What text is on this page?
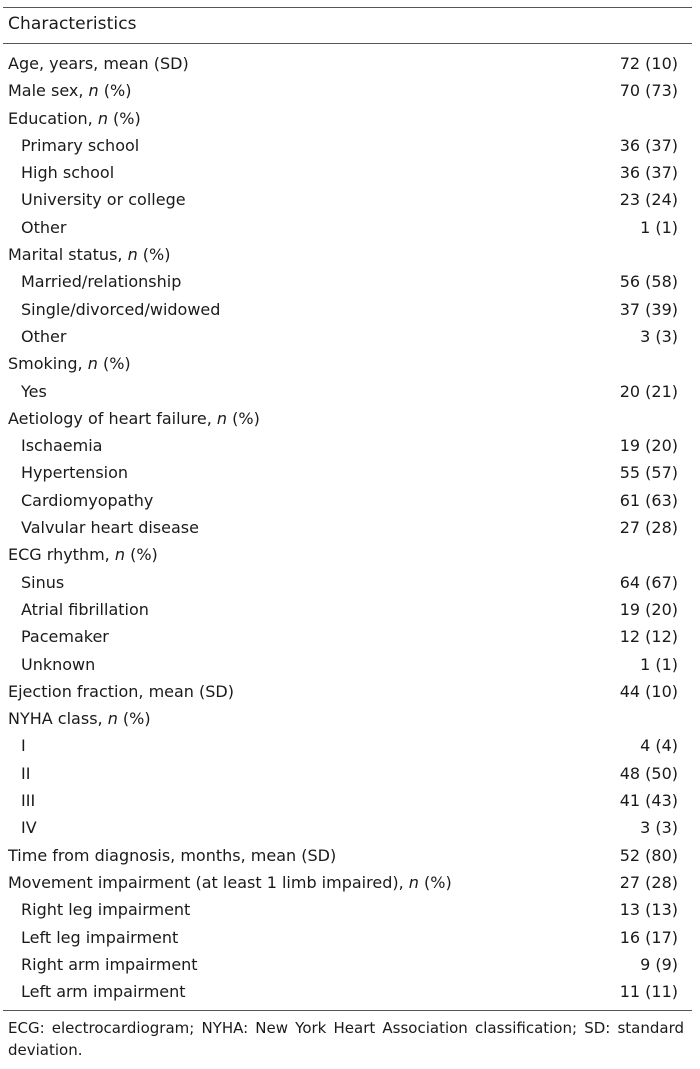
Characteristics
Age, years, mean (SD)	72 (10)
Male sex, n (%)	70 (73)
Education, n (%)
Primary school	36 (37)
High school	36 (37)
University or college	23 (24)
Other	1 (1)
Marital status, n (%)
Married/relationship	56 (58)
Single/divorced/widowed	37 (39)
Other	3 (3)
Smoking, n (%)
Yes	20 (21)
Aetiology of heart failure, n (%)
Ischaemia	19 (20)
Hypertension	55 (57)
Cardiomyopathy	61 (63)
Valvular heart disease	27 (28)
ECG rhythm, n (%)
Sinus	64 (67)
Atrial fibrillation	19 (20)
Pacemaker	12 (12)
Unknown	1 (1)
Ejection fraction, mean (SD)	44 (10)
NYHA class, n (%)
I	4 (4)
II	48 (50)
III	41 (43)
IV	3 (3)
Time from diagnosis, months, mean (SD)	52 (80)
Movement impairment (at least 1 limb impaired), n (%)	27 (28)
Right leg impairment	13 (13)
Left leg impairment	16 (17)
Right arm impairment	9 (9)
Left arm impairment	11 (11)
ECG: electrocardiogram; NYHA: New York Heart Association classification; SD: standard deviation.
